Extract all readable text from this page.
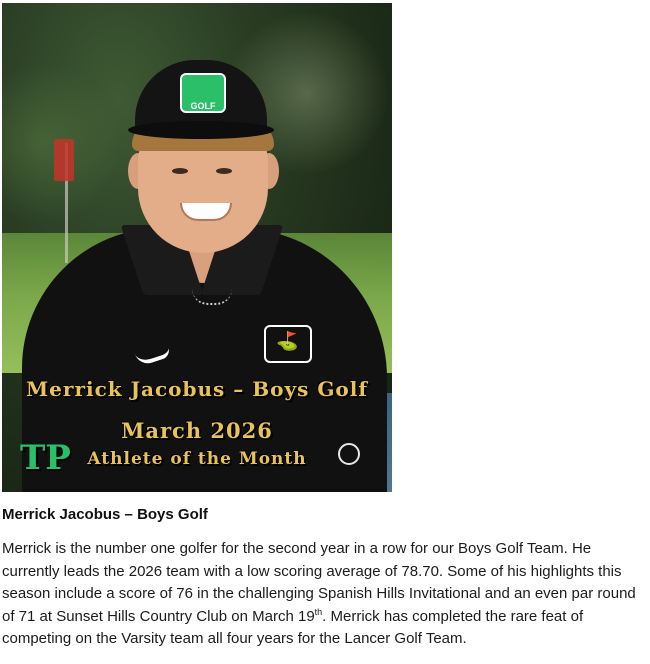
GOLF
⛳
Merrick Jacobus – Boys Golf
March 2026
Athlete of the Month
TP
Merrick Jacobus – Boys Golf

Merrick is the number one golfer for the second year in a row for our Boys Golf Team. He currently leads the 2026 team with a low scoring average of 78.70. Some of his highlights this season include a score of 76 in the challenging Spanish Hills Invitational and an even par round of 71 at Sunset Hills Country Club on March 19th. Merrick has completed the rare feat of competing on the Varsity team all four years for the Lancer Golf Team.
